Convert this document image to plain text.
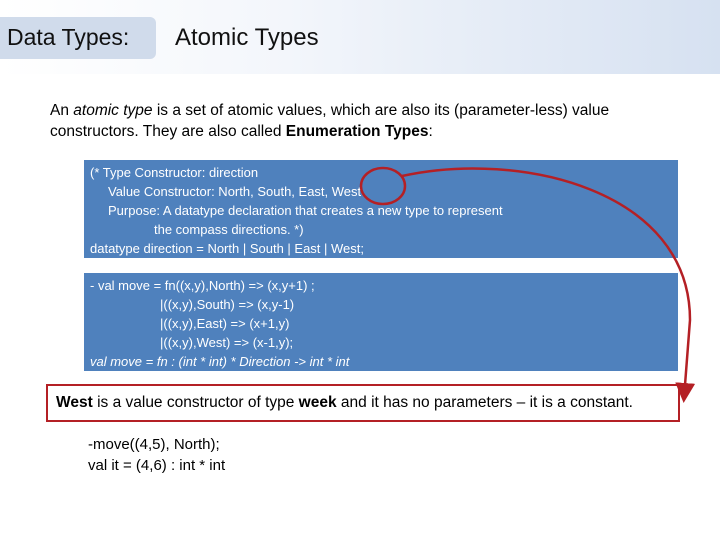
Data Types: Atomic Types
An atomic type is a set of atomic values, which are also its (parameter-less) value constructors. They are also called Enumeration Types:
(* Type Constructor: direction
Value Constructor: North, South, East, West
Purpose: A datatype declaration that creates a new type to represent
the compass directions. *)
datatype direction = North | South | East | West;
- val move = fn((x,y),North) => (x,y+1) ;
|((x,y),South) => (x,y-1)
|((x,y),East) => (x+1,y)
|((x,y),West) => (x-1,y);
val move = fn : (int * int) * Direction -> int * int
West is a value constructor of type week and it has no parameters – it is a constant.
-move((4,5), North);
val it = (4,6) : int * int
